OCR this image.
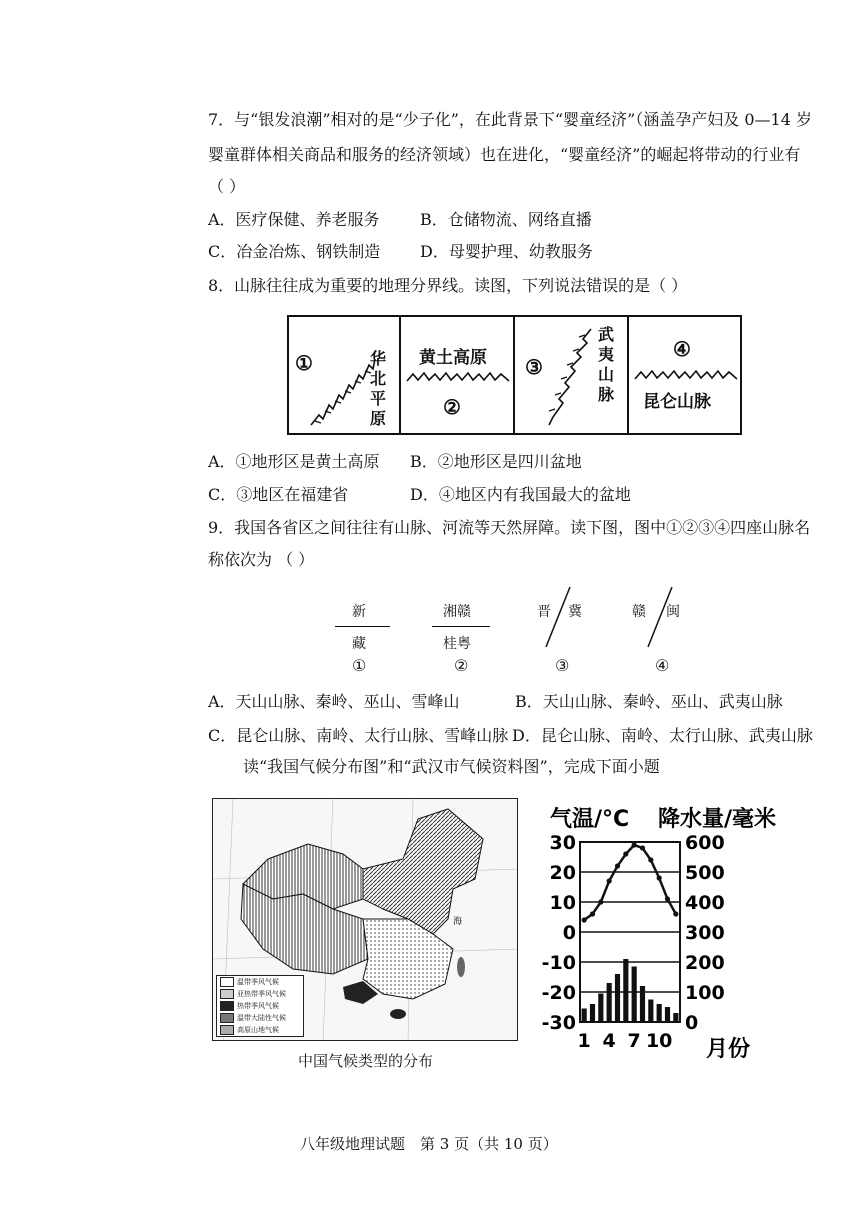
7．与“银发浪潮”相对的是“少子化”，在此背景下“婴童经济”（涵盖孕产妇及 0—14 岁
婴童群体相关商品和服务的经济领域）也在进化，“婴童经济”的崛起将带动的行业有
（ ）
A．医疗保健、养老服务	B．仓储物流、网络直播
C．冶金冶炼、钢铁制造 D．母婴护理、幼教服务
8．山脉往往成为重要的地理分界线。读图，下列说法错误的是（ ）
①	华北平原
黄土高原
②
③
武夷山脉
④
昆仑山脉
A．①地形区是黄土高原 B．②地形区是四川盆地
C．③地区在福建省	D．④地区内有我国最大的盆地
9．我国各省区之间往往有山脉、河流等天然屏障。读下图，图中①②③④四座山脉名
称依次为 （ ）
新
藏
①
湘赣
桂粤
②
晋 冀
③
赣 闽
④
A．天山山脉、秦岭、巫山、雪峰山	B．天山山脉、秦岭、巫山、武夷山脉
C．昆仑山脉、南岭、太行山脉、雪峰山脉 D．昆仑山脉、南岭、太行山脉、武夷山脉
读“我国气候分布图”和“武汉市气候资料图”，完成下面小题
海
温带季风气候
亚热带季风气候
热带季风气候
温带大陆性气候
高原山地气候
中国气候类型的分布
气温/°C 降水量/毫米
30
20
10
0
-10
-20
-30
600
500
400
300
200
100
0
1 4 7 10 月份
八年级地理试题　第 3 页（共 10 页）
